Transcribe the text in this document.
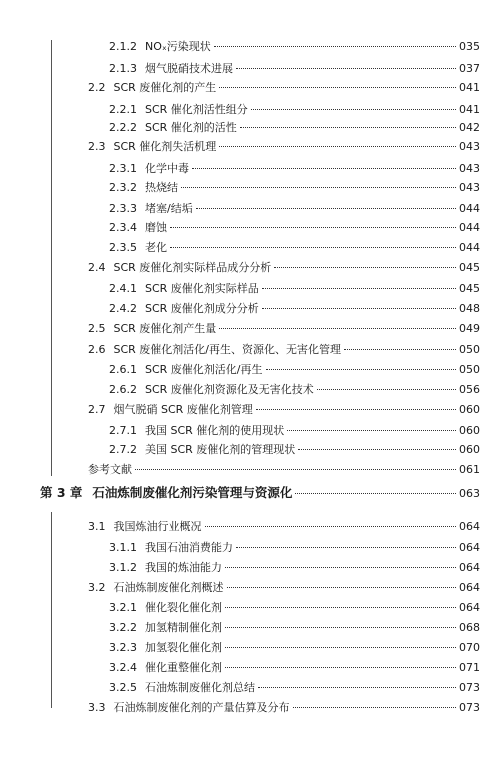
2.1.2 NOₓ污染现状	035
2.1.3 烟气脱硝技术进展	037
2.2 SCR 废催化剂的产生	041
2.2.1 SCR 催化剂活性组分	041
2.2.2 SCR 催化剂的活性	042
2.3 SCR 催化剂失活机理	043
2.3.1 化学中毒	043
2.3.2 热烧结	043
2.3.3 堵塞/结垢	044
2.3.4 磨蚀	044
2.3.5 老化	044
2.4 SCR 废催化剂实际样品成分分析	045
2.4.1 SCR 废催化剂实际样品	045
2.4.2 SCR 废催化剂成分分析	048
2.5 SCR 废催化剂产生量	049
2.6 SCR 废催化剂活化/再生、资源化、无害化管理	050
2.6.1 SCR 废催化剂活化/再生	050
2.6.2 SCR 废催化剂资源化及无害化技术	056
2.7 烟气脱硝 SCR 废催化剂管理	060
2.7.1 我国 SCR 催化剂的使用现状	060
2.7.2 美国 SCR 废催化剂的管理现状	060
参考文献	061
第 3 章 石油炼制废催化剂污染管理与资源化	063
3.1 我国炼油行业概况	064
3.1.1 我国石油消费能力	064
3.1.2 我国的炼油能力	064
3.2 石油炼制废催化剂概述	064
3.2.1 催化裂化催化剂	064
3.2.2 加氢精制催化剂	068
3.2.3 加氢裂化催化剂	070
3.2.4 催化重整催化剂	071
3.2.5 石油炼制废催化剂总结	073
3.3 石油炼制废催化剂的产量估算及分布	073
